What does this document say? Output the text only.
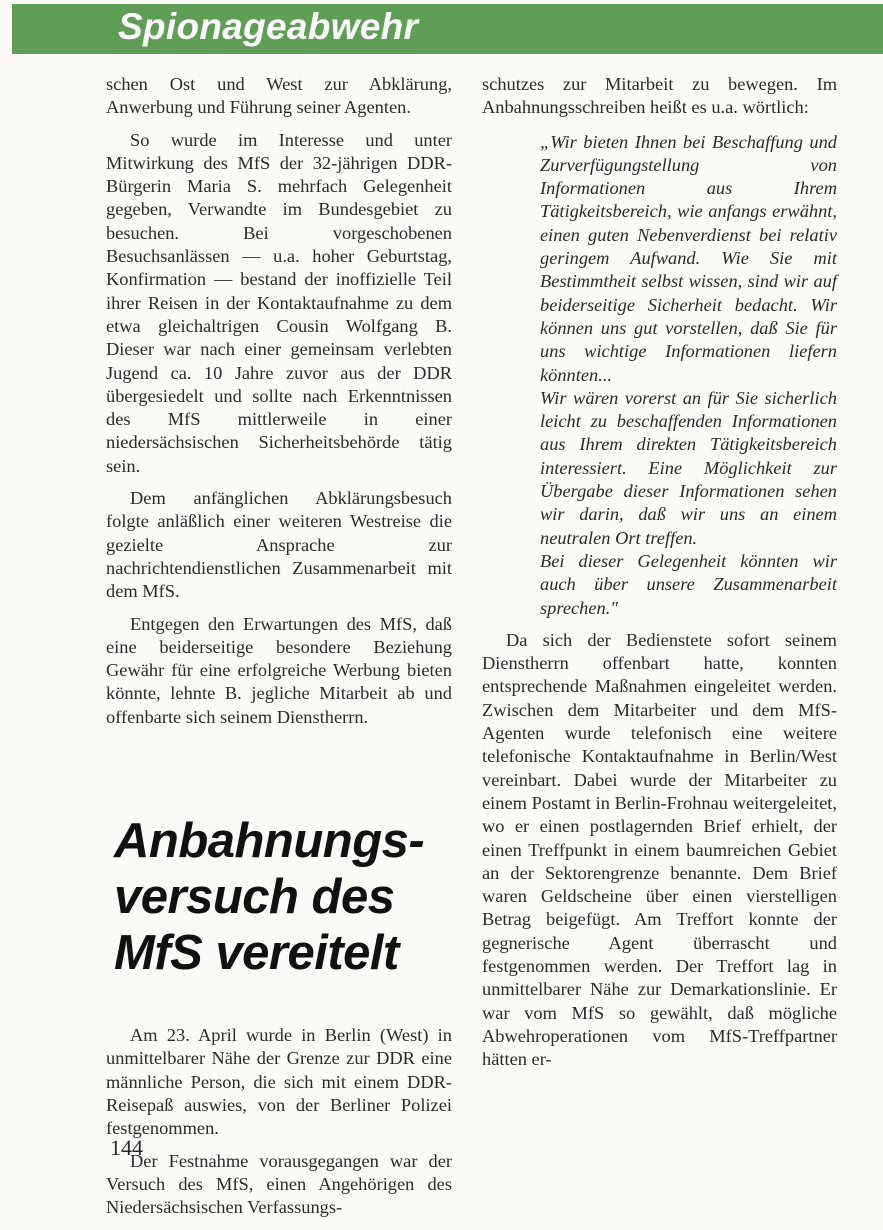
Spionageabwehr

schen Ost und West zur Abklärung, Anwerbung und Führung seiner Agenten.

So wurde im Interesse und unter Mitwirkung des MfS der 32-jährigen DDR-Bürgerin Maria S. mehrfach Gelegenheit gegeben, Verwandte im Bundesgebiet zu besuchen. Bei vorgeschobenen Besuchsanlässen — u.a. hoher Geburtstag, Konfirmation — bestand der inoffizielle Teil ihrer Reisen in der Kontaktaufnahme zu dem etwa gleichaltrigen Cousin Wolfgang B. Dieser war nach einer gemeinsam verlebten Jugend ca. 10 Jahre zuvor aus der DDR übergesiedelt und sollte nach Erkenntnissen des MfS mittlerweile in einer niedersächsischen Sicherheitsbehörde tätig sein.

Dem anfänglichen Abklärungsbesuch folgte anläßlich einer weiteren Westreise die gezielte Ansprache zur nachrichtendienstlichen Zusammenarbeit mit dem MfS.

Entgegen den Erwartungen des MfS, daß eine beiderseitige besondere Beziehung Gewähr für eine erfolgreiche Werbung bieten könnte, lehnte B. jegliche Mitarbeit ab und offenbarte sich seinem Dienstherrn.

Anbahnungs-
versuch des
MfS vereitelt

Am 23. April wurde in Berlin (West) in unmittelbarer Nähe der Grenze zur DDR eine männliche Person, die sich mit einem DDR-Reisepaß auswies, von der Berliner Polizei festgenommen.

Der Festnahme vorausgegangen war der Versuch des MfS, einen Angehörigen des Niedersächsischen Verfassungs-

schutzes zur Mitarbeit zu bewegen. Im Anbahnungsschreiben heißt es u.a. wörtlich:

„Wir bieten Ihnen bei Beschaffung und Zurverfügungstellung von Informationen aus Ihrem Tätigkeitsbereich, wie anfangs erwähnt, einen guten Nebenverdienst bei relativ geringem Aufwand. Wie Sie mit Bestimmtheit selbst wissen, sind wir auf beiderseitige Sicherheit bedacht. Wir können uns gut vorstellen, daß Sie für uns wichtige Informationen liefern könnten...

Wir wären vorerst an für Sie sicherlich leicht zu beschaffenden Informationen aus Ihrem direkten Tätigkeitsbereich interessiert. Eine Möglichkeit zur Übergabe dieser Informationen sehen wir darin, daß wir uns an einem neutralen Ort treffen.

Bei dieser Gelegenheit könnten wir auch über unsere Zusammenarbeit sprechen."

Da sich der Bedienstete sofort seinem Dienstherrn offenbart hatte, konnten entsprechende Maßnahmen eingeleitet werden. Zwischen dem Mitarbeiter und dem MfS-Agenten wurde telefonisch eine weitere telefonische Kontaktaufnahme in Berlin/West vereinbart. Dabei wurde der Mitarbeiter zu einem Postamt in Berlin-Frohnau weitergeleitet, wo er einen postlagernden Brief erhielt, der einen Treffpunkt in einem baumreichen Gebiet an der Sektorengrenze benannte. Dem Brief waren Geldscheine über einen vierstelligen Betrag beigefügt. Am Treffort konnte der gegnerische Agent überrascht und festgenommen werden. Der Treffort lag in unmittelbarer Nähe zur Demarkationslinie. Er war vom MfS so gewählt, daß mögliche Abwehroperationen vom MfS-Treffpartner hätten er-

144
